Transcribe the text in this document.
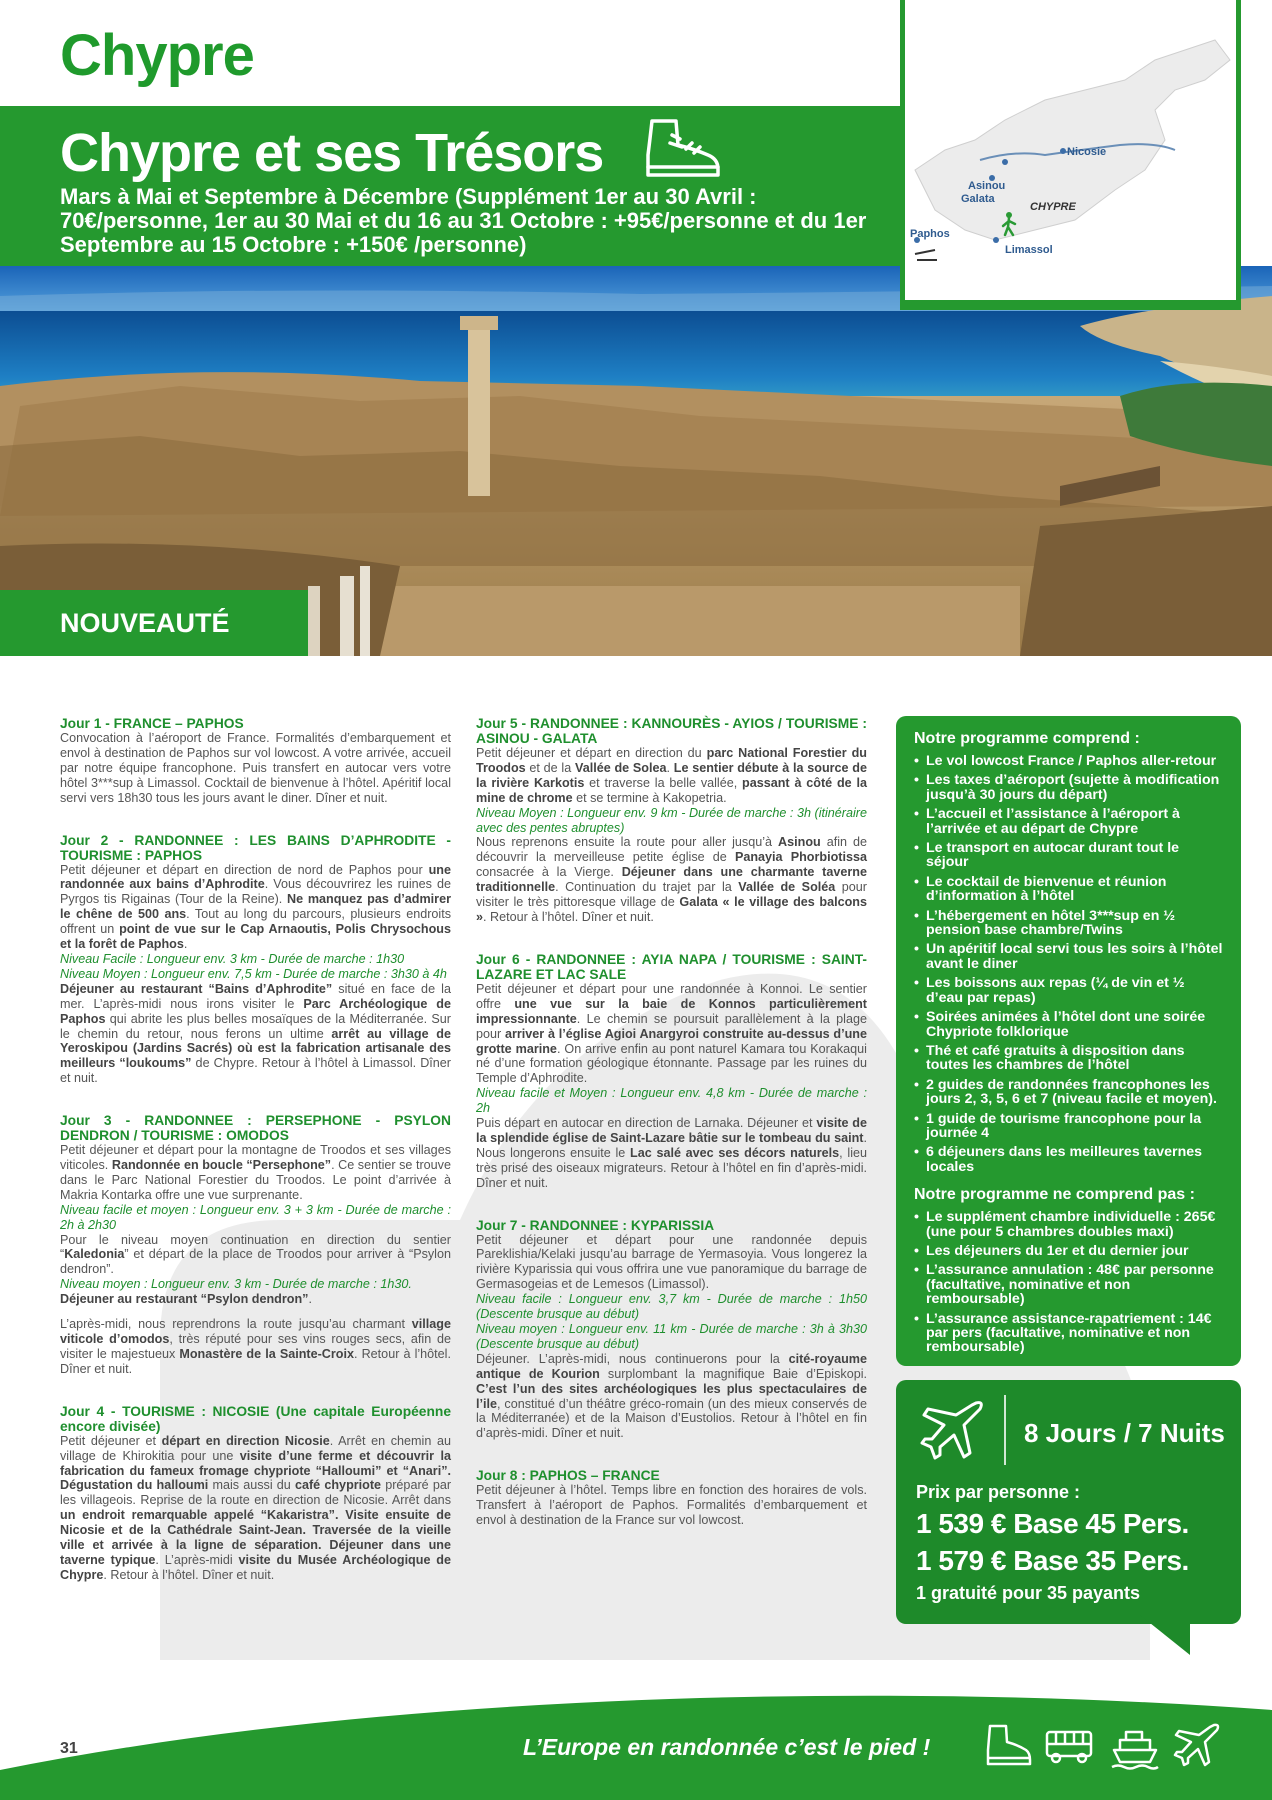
Chypre
Chypre et ses Trésors
Mars à Mai et Septembre à Décembre (Supplément 1er au 30 Avril : 70€/personne, 1er au 30 Mai et du 16 au 31 Octobre : +95€/personne et du 1er Septembre au 15 Octobre : +150€ /personne)
Nicosie
Asinou
Galata
CHYPRE
Paphos
Limassol
NOUVEAUTÉ
Jour 1 - FRANCE – PAPHOS

Convocation à l’aéroport de France. Formalités d’embarquement et envol à destination de Paphos sur vol lowcost. A votre arrivée, accueil par notre équipe francophone. Puis transfert en autocar vers votre hôtel 3***sup à Limassol. Cocktail de bienvenue à l’hôtel. Apéritif local servi vers 18h30 tous les jours avant le diner. Dîner et nuit.

Jour 2 - RANDONNEE : LES BAINS D’APHRODITE - TOURISME : PAPHOS

Petit déjeuner et départ en direction de nord de Paphos pour une randonnée aux bains d’Aphrodite. Vous découvrirez les ruines de Pyrgos tis Rigainas (Tour de la Reine). Ne manquez pas d’admirer le chêne de 500 ans. Tout au long du parcours, plusieurs endroits offrent un point de vue sur le Cap Arnaoutis, Polis Chrysochous et la forêt de Paphos.

Niveau Facile : Longueur env. 3 km - Durée de marche : 1h30

Niveau Moyen : Longueur env. 7,5 km - Durée de marche : 3h30 à 4h

Déjeuner au restaurant “Bains d’Aphrodite” situé en face de la mer. L’après-midi nous irons visiter le Parc Archéologique de Paphos qui abrite les plus belles mosaïques de la Méditerranée. Sur le chemin du retour, nous ferons un ultime arrêt au village de Yeroskipou (Jardins Sacrés) où est la fabrication artisanale des meilleurs “loukoums” de Chypre. Retour à l’hôtel à Limassol. Dîner et nuit.

Jour 3 - RANDONNEE : PERSEPHONE - PSYLON DENDRON / TOURISME : OMODOS

Petit déjeuner et départ pour la montagne de Troodos et ses villages viticoles. Randonnée en boucle “Persephone”. Ce sentier se trouve dans le Parc National Forestier du Troodos. Le point d’arrivée à Makria Kontarka offre une vue surprenante.

Niveau facile et moyen : Longueur env. 3 + 3 km - Durée de marche : 2h à 2h30

Pour le niveau moyen continuation en direction du sentier “Kaledonia” et départ de la place de Troodos pour arriver à “Psylon dendron”.

Niveau moyen : Longueur env. 3 km - Durée de marche : 1h30.

Déjeuner au restaurant “Psylon dendron”.

L’après-midi, nous reprendrons la route jusqu’au charmant village viticole d’omodos, très réputé pour ses vins rouges secs, afin de visiter le majestueux Monastère de la Sainte-Croix. Retour à l’hôtel. Dîner et nuit.

Jour 4 - TOURISME : NICOSIE (Une capitale Européenne encore divisée)

Petit déjeuner et départ en direction Nicosie. Arrêt en chemin au village de Khirokitia pour une visite d’une ferme et découvrir la fabrication du fameux fromage chypriote “Halloumi” et “Anari”. Dégustation du halloumi mais aussi du café chypriote préparé par les villageois. Reprise de la route en direction de Nicosie. Arrêt dans un endroit remarquable appelé “Kakaristra”. Visite ensuite de Nicosie et de la Cathédrale Saint-Jean. Traversée de la vieille ville et arrivée à la ligne de séparation. Déjeuner dans une taverne typique. L’après-midi visite du Musée Archéologique de Chypre. Retour à l’hôtel. Dîner et nuit.

Jour 5 - RANDONNEE : KANNOURÈS - AYIOS / TOURISME : ASINOU - GALATA

Petit déjeuner et départ en direction du parc National Forestier du Troodos et de la Vallée de Solea. Le sentier débute à la source de la rivière Karkotis et traverse la belle vallée, passant à côté de la mine de chrome et se termine à Kakopetria.

Niveau Moyen : Longueur env. 9 km - Durée de marche : 3h (itinéraire avec des pentes abruptes)

Nous reprenons ensuite la route pour aller jusqu’à Asinou afin de découvrir la merveilleuse petite église de Panayia Phorbiotissa consacrée à la Vierge. Déjeuner dans une charmante taverne traditionnelle. Continuation du trajet par la Vallée de Soléa pour visiter le très pittoresque village de Galata « le village des balcons ». Retour à l’hôtel. Dîner et nuit.

Jour 6 - RANDONNEE : AYIA NAPA / TOURISME : SAINT-LAZARE ET LAC SALE

Petit déjeuner et départ pour une randonnée à Konnoi. Le sentier offre une vue sur la baie de Konnos particulièrement impressionnante. Le chemin se poursuit parallèlement à la plage pour arriver à l’église Agioi Anargyroi construite au-dessus d’une grotte marine. On arrive enfin au pont naturel Kamara tou Korakaqui né d’une formation géologique étonnante. Passage par les ruines du Temple d’Aphrodite.

Niveau facile et Moyen : Longueur env. 4,8 km - Durée de marche : 2h

Puis départ en autocar en direction de Larnaka. Déjeuner et visite de la splendide église de Saint-Lazare bâtie sur le tombeau du saint. Nous longerons ensuite le Lac salé avec ses décors naturels, lieu très prisé des oiseaux migrateurs. Retour à l’hôtel en fin d’après-midi. Dîner et nuit.

Jour 7 - RANDONNEE : KYPARISSIA

Petit déjeuner et départ pour une randonnée depuis Pareklishia/Kelaki jusqu’au barrage de Yermasoyia. Vous longerez la rivière Kyparissia qui vous offrira une vue panoramique du barrage de Germasogeias et de Lemesos (Limassol).

Niveau facile : Longueur env. 3,7 km - Durée de marche : 1h50 (Descente brusque au début)

Niveau moyen : Longueur env. 11 km - Durée de marche : 3h à 3h30 (Descente brusque au début)

Déjeuner. L’après-midi, nous continuerons pour la cité-royaume antique de Kourion surplombant la magnifique Baie d’Episkopi. C’est l’un des sites archéologiques les plus spectaculaires de l’ile, constitué d’un théâtre gréco-romain (un des mieux conservés de la Méditerranée) et de la Maison d’Eustolios. Retour à l’hôtel en fin d’après-midi. Dîner et nuit.

Jour 8 : PAPHOS – FRANCE

Petit déjeuner à l’hôtel. Temps libre en fonction des horaires de vols. Transfert à l’aéroport de Paphos. Formalités d’embarquement et envol à destination de la France sur vol lowcost.

Notre programme comprend :
• Le vol lowcost France / Paphos aller-retour
• Les taxes d’aéroport (sujette à modification jusqu’à 30 jours du départ)
• L’accueil et l’assistance à l’aéroport à l’arrivée et au départ de Chypre
• Le transport en autocar durant tout le séjour
• Le cocktail de bienvenue et réunion d’information à l’hôtel
• L’hébergement en hôtel 3***sup en ½ pension base chambre/Twins
• Un apéritif local servi tous les soirs à l’hôtel avant le diner
• Les boissons aux repas (¼ de vin et ½ d’eau par repas)
• Soirées animées à l’hôtel dont une soirée Chypriote folklorique
• Thé et café gratuits à disposition dans toutes les chambres de l’hôtel
• 2 guides de randonnées francophones les jours 2, 3, 5, 6 et 7 (niveau facile et moyen).
• 1 guide de tourisme francophone pour la journée 4
• 6 déjeuners dans les meilleures tavernes locales
Notre programme ne comprend pas :
• Le supplément chambre individuelle : 265€ (une pour 5 chambres doubles maxi)
• Les déjeuners du 1er et du dernier jour
• L’assurance annulation : 48€ par personne (facultative, nominative et non remboursable)
• L’assurance assistance-rapatriement : 14€ par pers (facultative, nominative et non remboursable)
8 Jours / 7 Nuits
Prix par personne :
1 539 € Base 45 Pers.
1 579 € Base 35 Pers.
1 gratuité pour 35 payants
31	L’Europe en randonnée c’est le pied !
